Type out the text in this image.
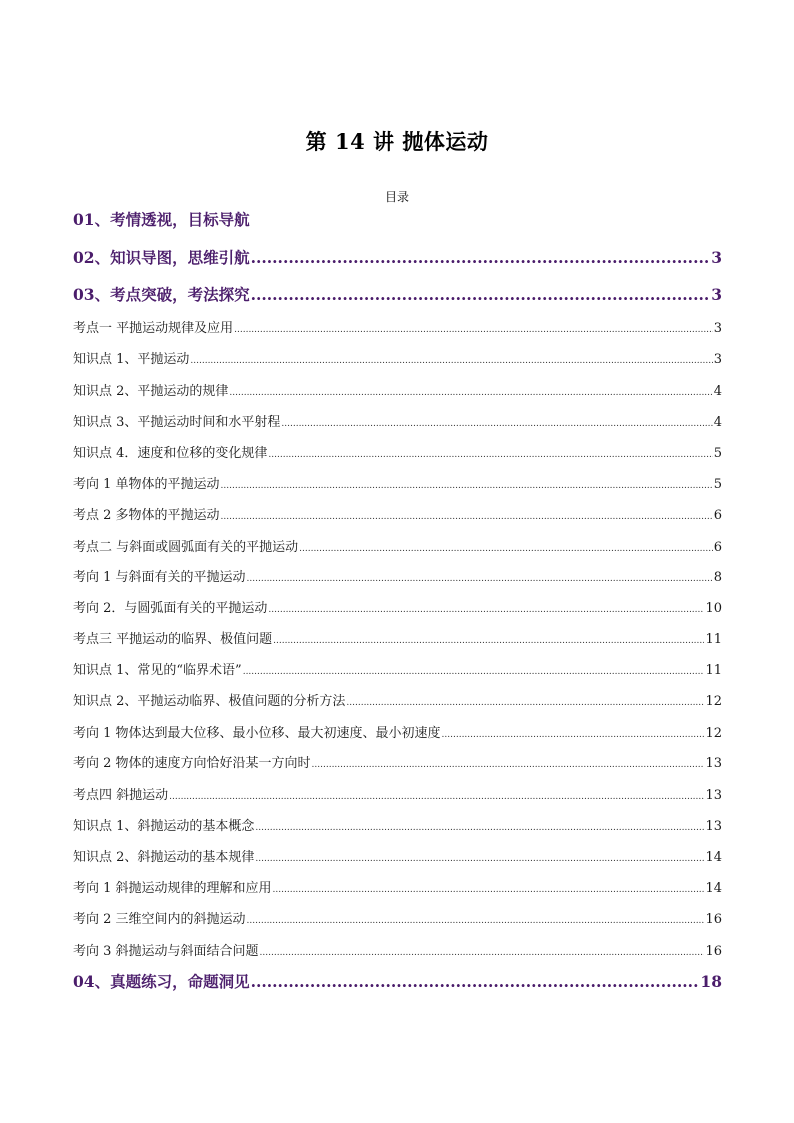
第 14 讲 抛体运动
目录
01、考情透视，目标导航
02、知识导图，思维引航 .....	3
03、考点突破，考法探究 .....	3
考点一 平抛运动规律及应用 .....	3
知识点 1、平抛运动 .....	3
知识点 2、平抛运动的规律 .....	4
知识点 3、平抛运动时间和水平射程 .....	4
知识点 4．速度和位移的变化规律 .....	5
考向 1 单物体的平抛运动 .....	5
考点 2 多物体的平抛运动 .....	6
考点二 与斜面或圆弧面有关的平抛运动 .....	6
考向 1 与斜面有关的平抛运动 .....	8
考向 2．与圆弧面有关的平抛运动 .....	10
考点三 平抛运动的临界、极值问题 .....	11
知识点 1、常见的“临界术语” .....	11
知识点 2、平抛运动临界、极值问题的分析方法 .....	12
考向 1 物体达到最大位移、最小位移、最大初速度、最小初速度 .....	12
考向 2 物体的速度方向恰好沿某一方向时 .....	13
考点四 斜抛运动 .....	13
知识点 1、斜抛运动的基本概念 .....	13
知识点 2、斜抛运动的基本规律 .....	14
考向 1 斜抛运动规律的理解和应用 .....	14
考向 2 三维空间内的斜抛运动 .....	16
考向 3 斜抛运动与斜面结合问题 .....	16
04、真题练习，命题洞见 .....	18
